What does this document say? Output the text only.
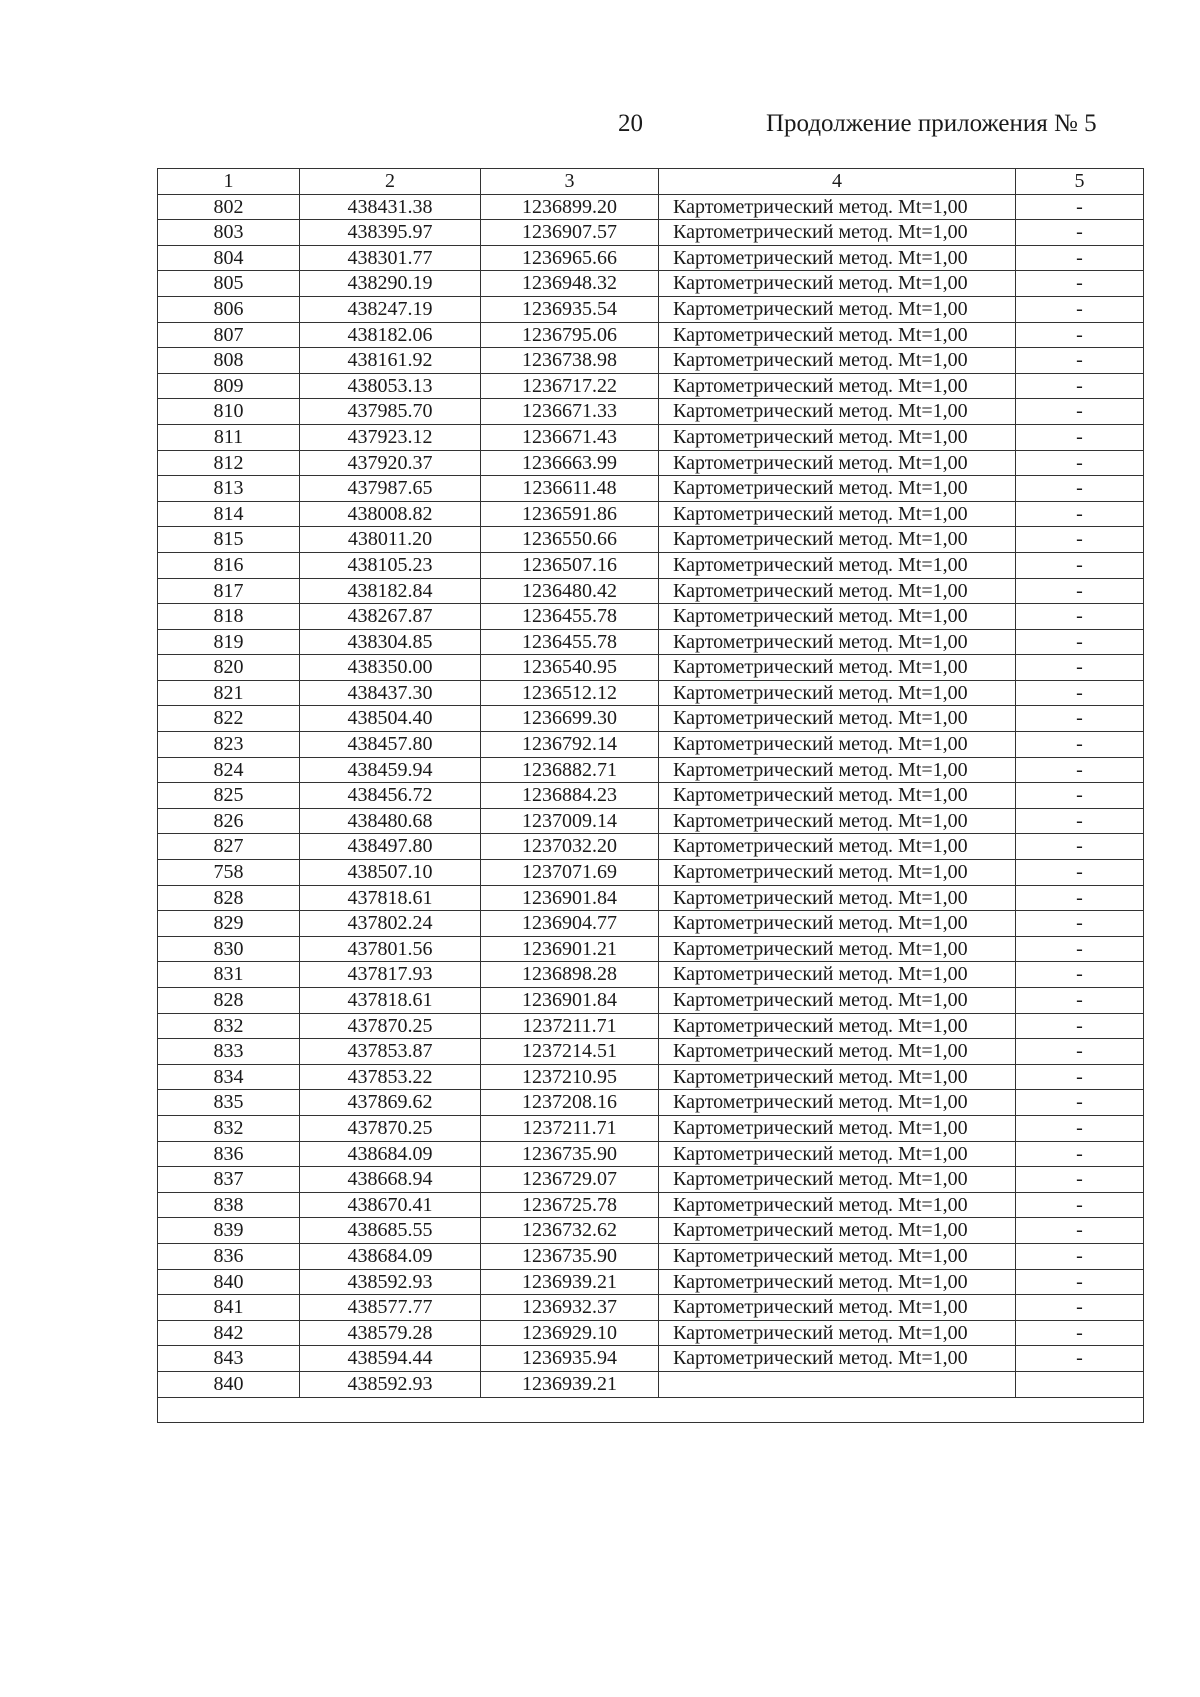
20	Продолжение приложения № 5
1	2	3	4	5
802	438431.38	1236899.20	Картометрический метод. Mt=1,00	-
803	438395.97	1236907.57	Картометрический метод. Mt=1,00	-
804	438301.77	1236965.66	Картометрический метод. Mt=1,00	-
805	438290.19	1236948.32	Картометрический метод. Mt=1,00	-
806	438247.19	1236935.54	Картометрический метод. Mt=1,00	-
807	438182.06	1236795.06	Картометрический метод. Mt=1,00	-
808	438161.92	1236738.98	Картометрический метод. Mt=1,00	-
809	438053.13	1236717.22	Картометрический метод. Mt=1,00	-
810	437985.70	1236671.33	Картометрический метод. Mt=1,00	-
811	437923.12	1236671.43	Картометрический метод. Mt=1,00	-
812	437920.37	1236663.99	Картометрический метод. Mt=1,00	-
813	437987.65	1236611.48	Картометрический метод. Mt=1,00	-
814	438008.82	1236591.86	Картометрический метод. Mt=1,00	-
815	438011.20	1236550.66	Картометрический метод. Mt=1,00	-
816	438105.23	1236507.16	Картометрический метод. Mt=1,00	-
817	438182.84	1236480.42	Картометрический метод. Mt=1,00	-
818	438267.87	1236455.78	Картометрический метод. Mt=1,00	-
819	438304.85	1236455.78	Картометрический метод. Mt=1,00	-
820	438350.00	1236540.95	Картометрический метод. Mt=1,00	-
821	438437.30	1236512.12	Картометрический метод. Mt=1,00	-
822	438504.40	1236699.30	Картометрический метод. Mt=1,00	-
823	438457.80	1236792.14	Картометрический метод. Mt=1,00	-
824	438459.94	1236882.71	Картометрический метод. Mt=1,00	-
825	438456.72	1236884.23	Картометрический метод. Mt=1,00	-
826	438480.68	1237009.14	Картометрический метод. Mt=1,00	-
827	438497.80	1237032.20	Картометрический метод. Mt=1,00	-
758	438507.10	1237071.69	Картометрический метод. Mt=1,00	-
828	437818.61	1236901.84	Картометрический метод. Mt=1,00	-
829	437802.24	1236904.77	Картометрический метод. Mt=1,00	-
830	437801.56	1236901.21	Картометрический метод. Mt=1,00	-
831	437817.93	1236898.28	Картометрический метод. Mt=1,00	-
828	437818.61	1236901.84	Картометрический метод. Mt=1,00	-
832	437870.25	1237211.71	Картометрический метод. Mt=1,00	-
833	437853.87	1237214.51	Картометрический метод. Mt=1,00	-
834	437853.22	1237210.95	Картометрический метод. Mt=1,00	-
835	437869.62	1237208.16	Картометрический метод. Mt=1,00	-
832	437870.25	1237211.71	Картометрический метод. Mt=1,00	-
836	438684.09	1236735.90	Картометрический метод. Mt=1,00	-
837	438668.94	1236729.07	Картометрический метод. Mt=1,00	-
838	438670.41	1236725.78	Картометрический метод. Mt=1,00	-
839	438685.55	1236732.62	Картометрический метод. Mt=1,00	-
836	438684.09	1236735.90	Картометрический метод. Mt=1,00	-
840	438592.93	1236939.21	Картометрический метод. Mt=1,00	-
841	438577.77	1236932.37	Картометрический метод. Mt=1,00	-
842	438579.28	1236929.10	Картометрический метод. Mt=1,00	-
843	438594.44	1236935.94	Картометрический метод. Mt=1,00	-
840	438592.93	1236939.21		
